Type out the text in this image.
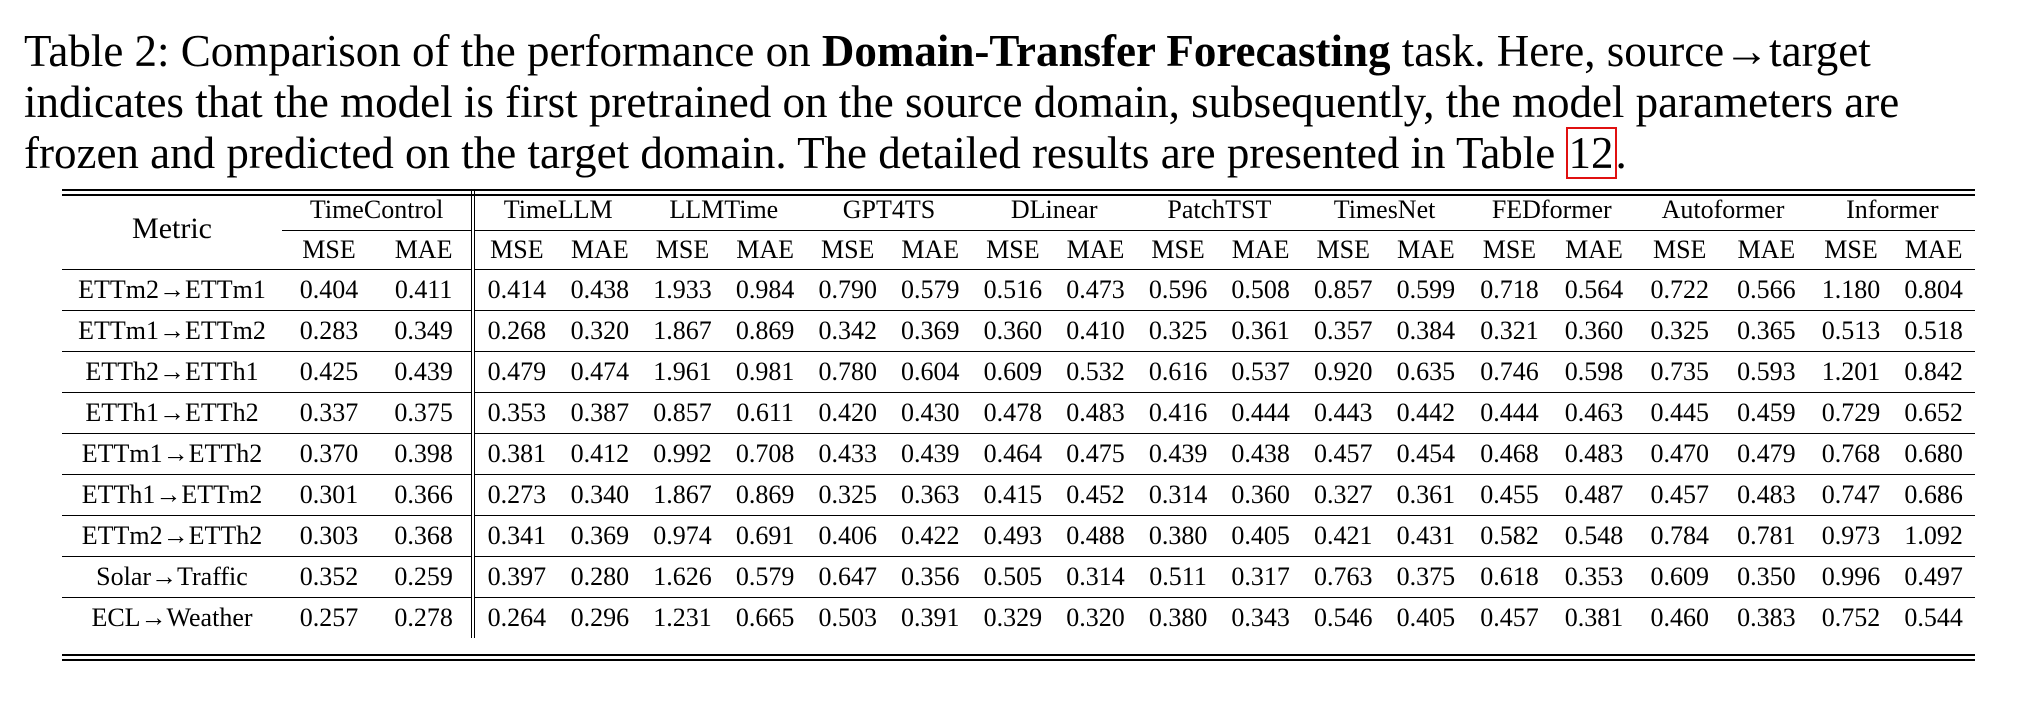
Table 2: Comparison of the performance on Domain-Transfer Forecasting task. Here, source→target indicates that the model is first pretrained on the source domain, subsequently, the model parameters are frozen and predicted on the target domain. The detailed results are presented in Table 12.
Metric	TimeControl		TimeLLM		LLMTime		GPT4TS		DLinear		PatchTST		TimesNet		FEDformer		Autoformer		Informer	
	MSE	MAE	MSE	MAE	MSE	MAE	MSE	MAE	MSE	MAE	MSE	MAE	MSE	MAE	MSE	MAE	MSE	MAE	MSE	MAE
ETTm2→ETTm1	0.404	0.411	0.414	0.438	1.933	0.984	0.790	0.579	0.516	0.473	0.596	0.508	0.857	0.599	0.718	0.564	0.722	0.566	1.180	0.804
ETTm1→ETTm2	0.283	0.349	0.268	0.320	1.867	0.869	0.342	0.369	0.360	0.410	0.325	0.361	0.357	0.384	0.321	0.360	0.325	0.365	0.513	0.518
ETTh2→ETTh1	0.425	0.439	0.479	0.474	1.961	0.981	0.780	0.604	0.609	0.532	0.616	0.537	0.920	0.635	0.746	0.598	0.735	0.593	1.201	0.842
ETTh1→ETTh2	0.337	0.375	0.353	0.387	0.857	0.611	0.420	0.430	0.478	0.483	0.416	0.444	0.443	0.442	0.444	0.463	0.445	0.459	0.729	0.652
ETTm1→ETTh2	0.370	0.398	0.381	0.412	0.992	0.708	0.433	0.439	0.464	0.475	0.439	0.438	0.457	0.454	0.468	0.483	0.470	0.479	0.768	0.680
ETTh1→ETTm2	0.301	0.366	0.273	0.340	1.867	0.869	0.325	0.363	0.415	0.452	0.314	0.360	0.327	0.361	0.455	0.487	0.457	0.483	0.747	0.686
ETTm2→ETTh2	0.303	0.368	0.341	0.369	0.974	0.691	0.406	0.422	0.493	0.488	0.380	0.405	0.421	0.431	0.582	0.548	0.784	0.781	0.973	1.092
Solar→Traffic	0.352	0.259	0.397	0.280	1.626	0.579	0.647	0.356	0.505	0.314	0.511	0.317	0.763	0.375	0.618	0.353	0.609	0.350	0.996	0.497
ECL→Weather	0.257	0.278	0.264	0.296	1.231	0.665	0.503	0.391	0.329	0.320	0.380	0.343	0.546	0.405	0.457	0.381	0.460	0.383	0.752	0.544
